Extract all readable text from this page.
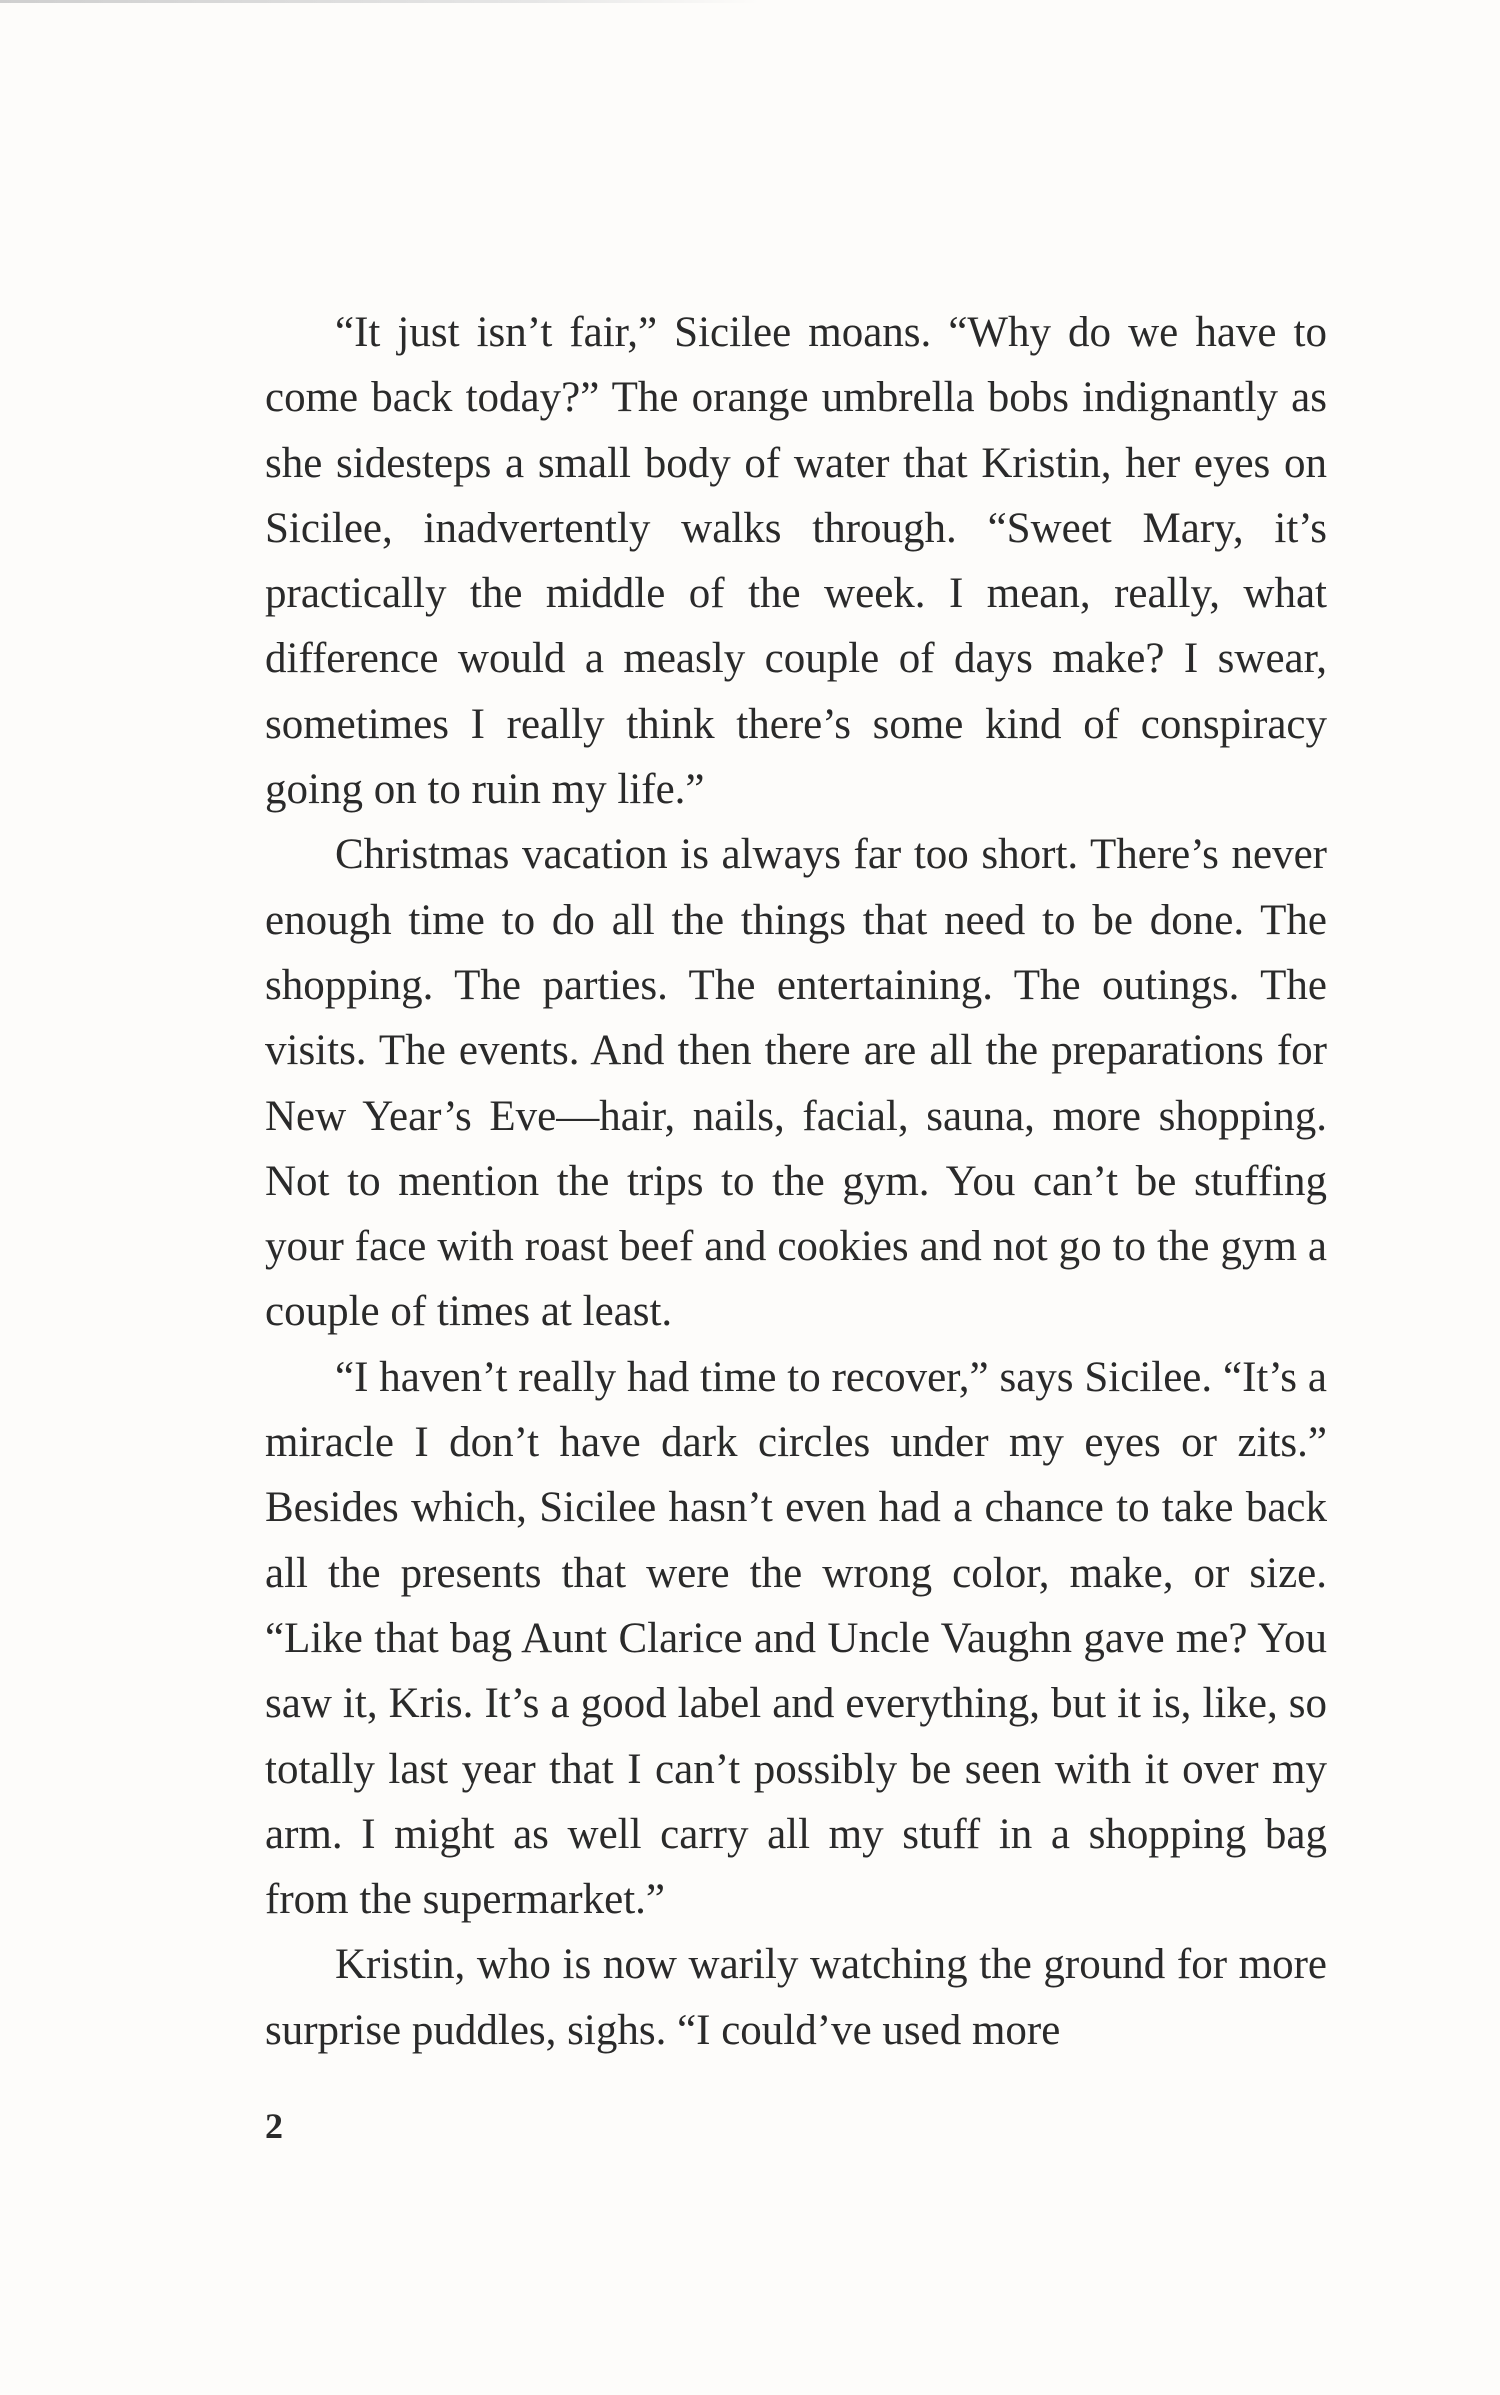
“It just isn’t fair,” Sicilee moans. “Why do we have to come back today?” The orange umbrella bobs indignantly as she sidesteps a small body of water that Kristin, her eyes on Sicilee, inadvertently walks through. “Sweet Mary, it’s practically the middle of the week. I mean, really, what difference would a measly couple of days make? I swear, sometimes I really think there’s some kind of conspiracy going on to ruin my life.”

Christmas vacation is always far too short. There’s never enough time to do all the things that need to be done. The shopping. The parties. The entertaining. The outings. The visits. The events. And then there are all the preparations for New Year’s Eve—hair, nails, facial, sauna, more shopping. Not to mention the trips to the gym. You can’t be stuffing your face with roast beef and cookies and not go to the gym a couple of times at least.

“I haven’t really had time to recover,” says Sicilee. “It’s a miracle I don’t have dark circles under my eyes or zits.” Besides which, Sicilee hasn’t even had a chance to take back all the presents that were the wrong color, make, or size. “Like that bag Aunt Clarice and Uncle Vaughn gave me? You saw it, Kris. It’s a good label and everything, but it is, like, so totally last year that I can’t possibly be seen with it over my arm. I might as well carry all my stuff in a shopping bag from the supermarket.”

Kristin, who is now warily watching the ground for more surprise puddles, sighs. “I could’ve used more

2
